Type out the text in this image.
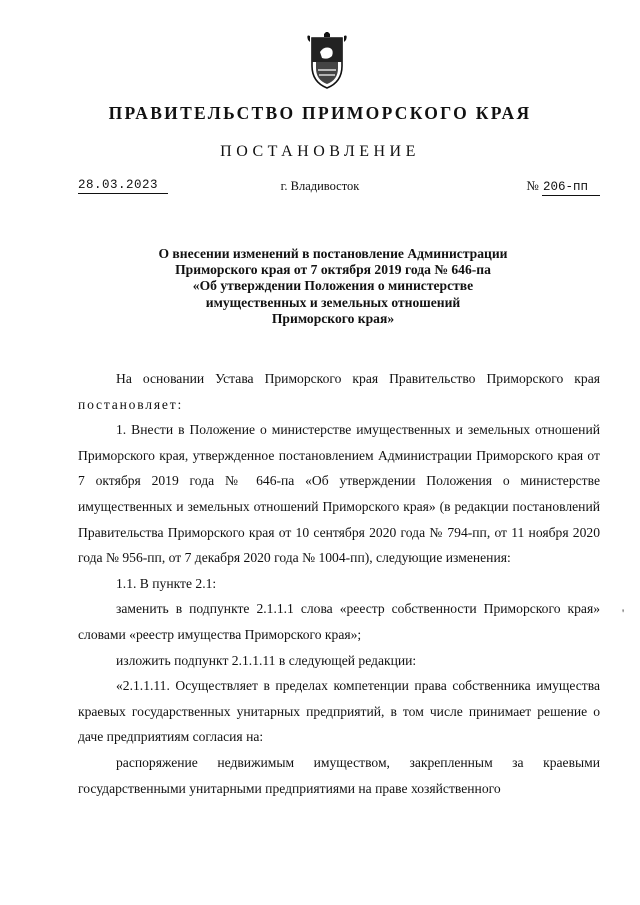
ПРАВИТЕЛЬСТВО ПРИМОРСКОГО КРАЯ
ПОСТАНОВЛЕНИЕ
28.03.2023	г. Владивосток	№ 206-пп
О внесении изменений в постановление Администрации
Приморского края от 7 октября 2019 года № 646-па
«Об утверждении Положения о министерстве
имущественных и земельных отношений
Приморского края»

На основании Устава Приморского края Правительство Приморского края постановляет:

1. Внести в Положение о министерстве имущественных и земельных отношений Приморского края, утвержденное постановлением Администрации Приморского края от 7 октября 2019 года № 646-па «Об утверждении Положения о министерстве имущественных и земельных отношений Приморского края» (в редакции постановлений Правительства Приморского края от 10 сентября 2020 года № 794-пп, от 11 ноября 2020 года № 956-пп, от 7 декабря 2020 года № 1004-пп), следующие изменения:

1.1. В пункте 2.1:

заменить в подпункте 2.1.1.1 слова «реестр собственности Приморского края» словами «реестр имущества Приморского края»;

изложить подпункт 2.1.1.11 в следующей редакции:

«2.1.1.11. Осуществляет в пределах компетенции права собственника имущества краевых государственных унитарных предприятий, в том числе принимает решение о даче предприятиям согласия на:

распоряжение недвижимым имуществом, закрепленным за краевыми государственными унитарными предприятиями на праве хозяйственного

'
